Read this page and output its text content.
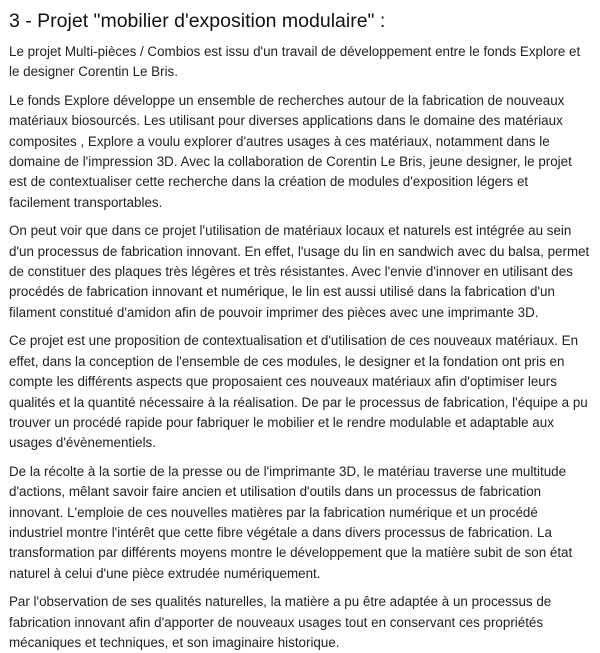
3 - Projet "mobilier d'exposition modulaire" :

Le projet Multi-pièces / Combios est issu d'un travail de développement entre le fonds Explore et le designer Corentin Le Bris.

Le fonds Explore développe un ensemble de recherches autour de la fabrication de nouveaux matériaux biosourcés. Les utilisant pour diverses applications dans le domaine des matériaux composites , Explore a voulu explorer d'autres usages à ces matériaux, notamment dans le domaine de l'impression 3D. Avec la collaboration de Corentin Le Bris, jeune designer, le projet est de contextualiser cette recherche dans la création de modules d'exposition légers et facilement transportables.

On peut voir que dans ce projet l'utilisation de matériaux locaux et naturels est intégrée au sein d'un processus de fabrication innovant. En effet, l'usage du lin en sandwich avec du balsa, permet de constituer des plaques très légères et très résistantes. Avec l'envie d'innover en utilisant des procédés de fabrication innovant et numérique, le lin est aussi utilisé dans la fabrication d'un filament constitué d'amidon afin de pouvoir imprimer des pièces avec une imprimante 3D.

Ce projet est une proposition de contextualisation et d'utilisation de ces nouveaux matériaux. En effet, dans la conception de l'ensemble de ces modules, le designer et la fondation ont pris en compte les différents aspects que proposaient ces nouveaux matériaux afin d'optimiser leurs qualités et la quantité nécessaire à la réalisation. De par le processus de fabrication, l'équipe a pu trouver un procédé rapide pour fabriquer le mobilier et le rendre modulable et adaptable aux usages d'évènementiels.

De la récolte à la sortie de la presse ou de l'imprimante 3D, le matériau traverse une multitude d'actions, mêlant savoir faire ancien et utilisation d'outils dans un processus de fabrication innovant. L'emploie de ces nouvelles matières par la fabrication numérique et un procédé industriel montre l'intérêt que cette fibre végétale a dans divers processus de fabrication. La transformation par différents moyens montre le développement que la matière subit de son état naturel à celui d'une pièce extrudée numériquement.

Par l'observation de ses qualités naturelles, la matière a pu être adaptée à un processus de fabrication innovant afin d'apporter de nouveaux usages tout en conservant ces propriétés mécaniques et techniques, et son imaginaire historique.
